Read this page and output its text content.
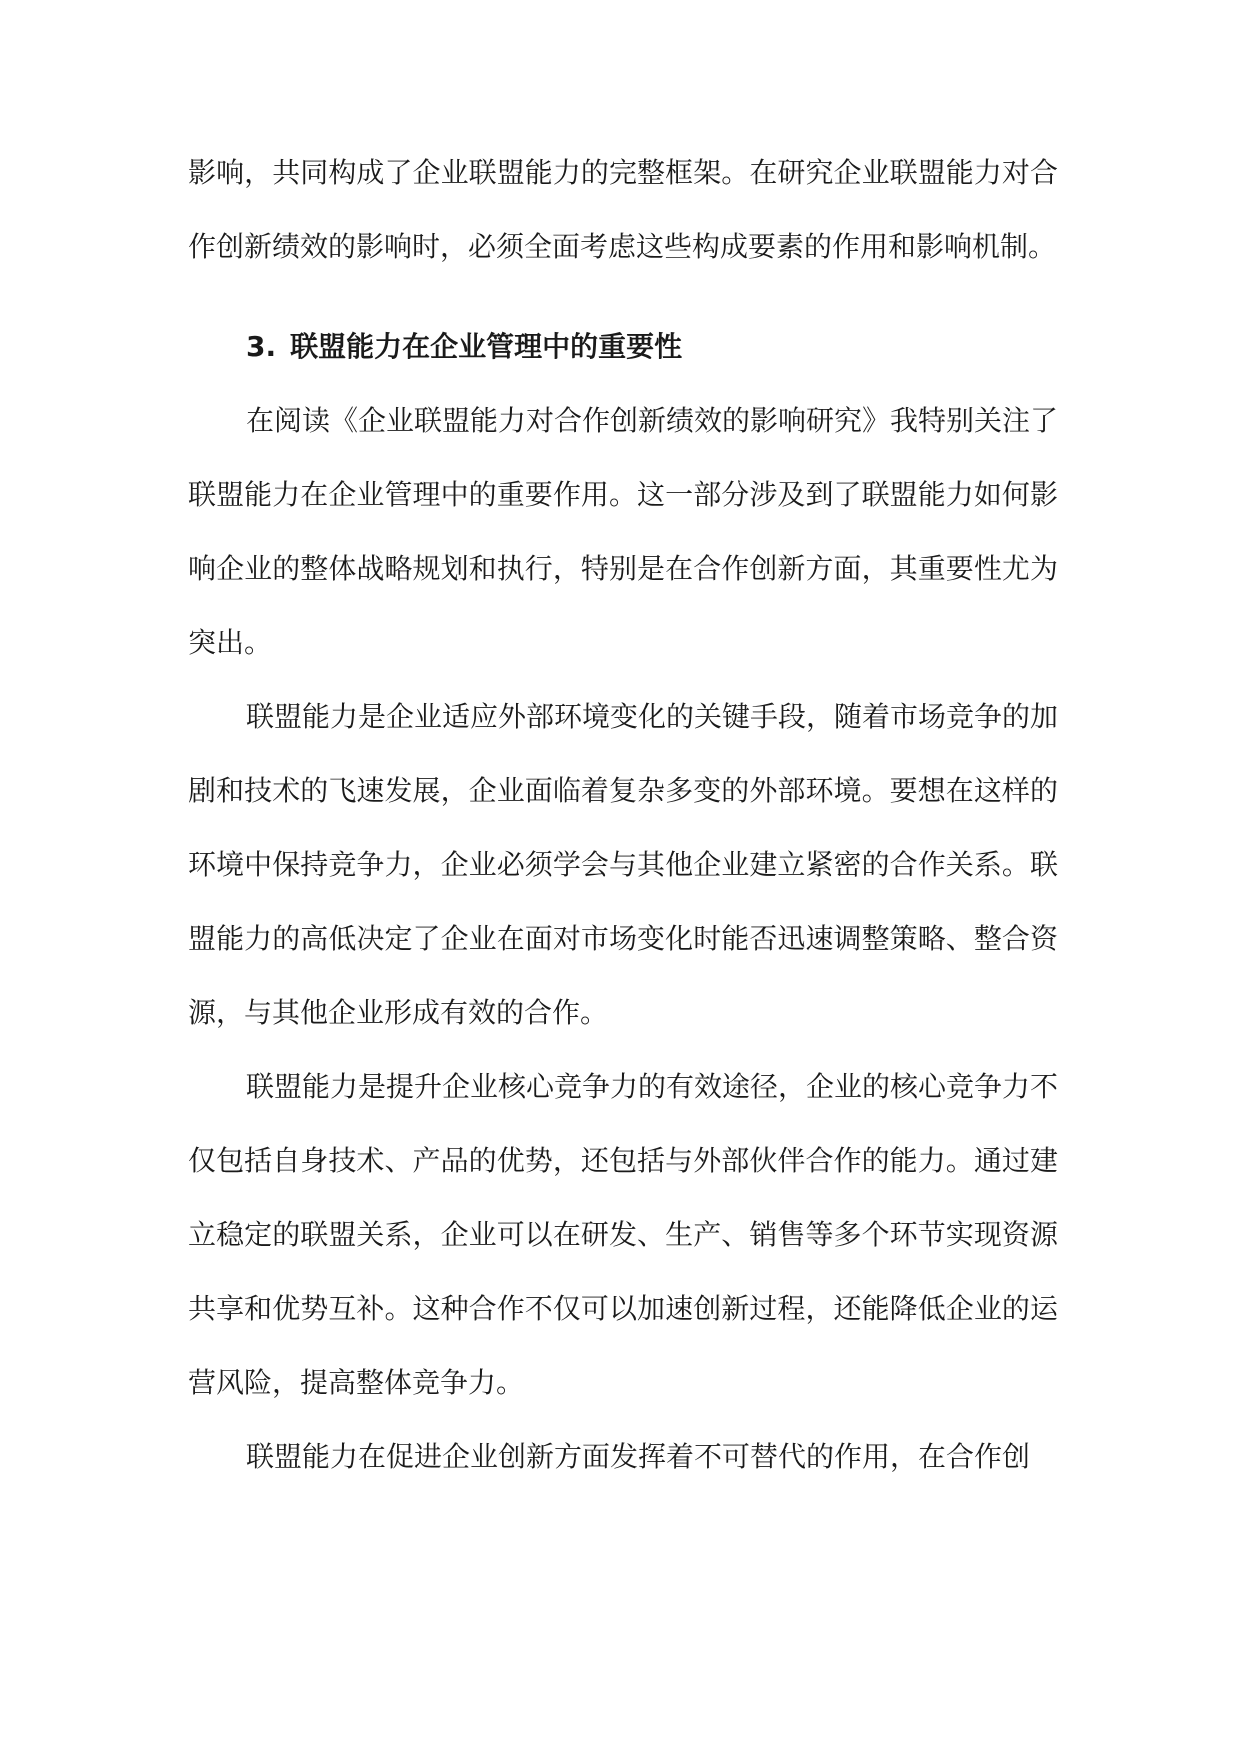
影响，共同构成了企业联盟能力的完整框架。在研究企业联盟能力对合作创新绩效的影响时，必须全面考虑这些构成要素的作用和影响机制。

3. 联盟能力在企业管理中的重要性

在阅读《企业联盟能力对合作创新绩效的影响研究》我特别关注了联盟能力在企业管理中的重要作用。这一部分涉及到了联盟能力如何影响企业的整体战略规划和执行，特别是在合作创新方面，其重要性尤为突出。

联盟能力是企业适应外部环境变化的关键手段，随着市场竞争的加剧和技术的飞速发展，企业面临着复杂多变的外部环境。要想在这样的环境中保持竞争力，企业必须学会与其他企业建立紧密的合作关系。联盟能力的高低决定了企业在面对市场变化时能否迅速调整策略、整合资源，与其他企业形成有效的合作。

联盟能力是提升企业核心竞争力的有效途径，企业的核心竞争力不仅包括自身技术、产品的优势，还包括与外部伙伴合作的能力。通过建立稳定的联盟关系，企业可以在研发、生产、销售等多个环节实现资源共享和优势互补。这种合作不仅可以加速创新过程，还能降低企业的运营风险，提高整体竞争力。

联盟能力在促进企业创新方面发挥着不可替代的作用，在合作创
